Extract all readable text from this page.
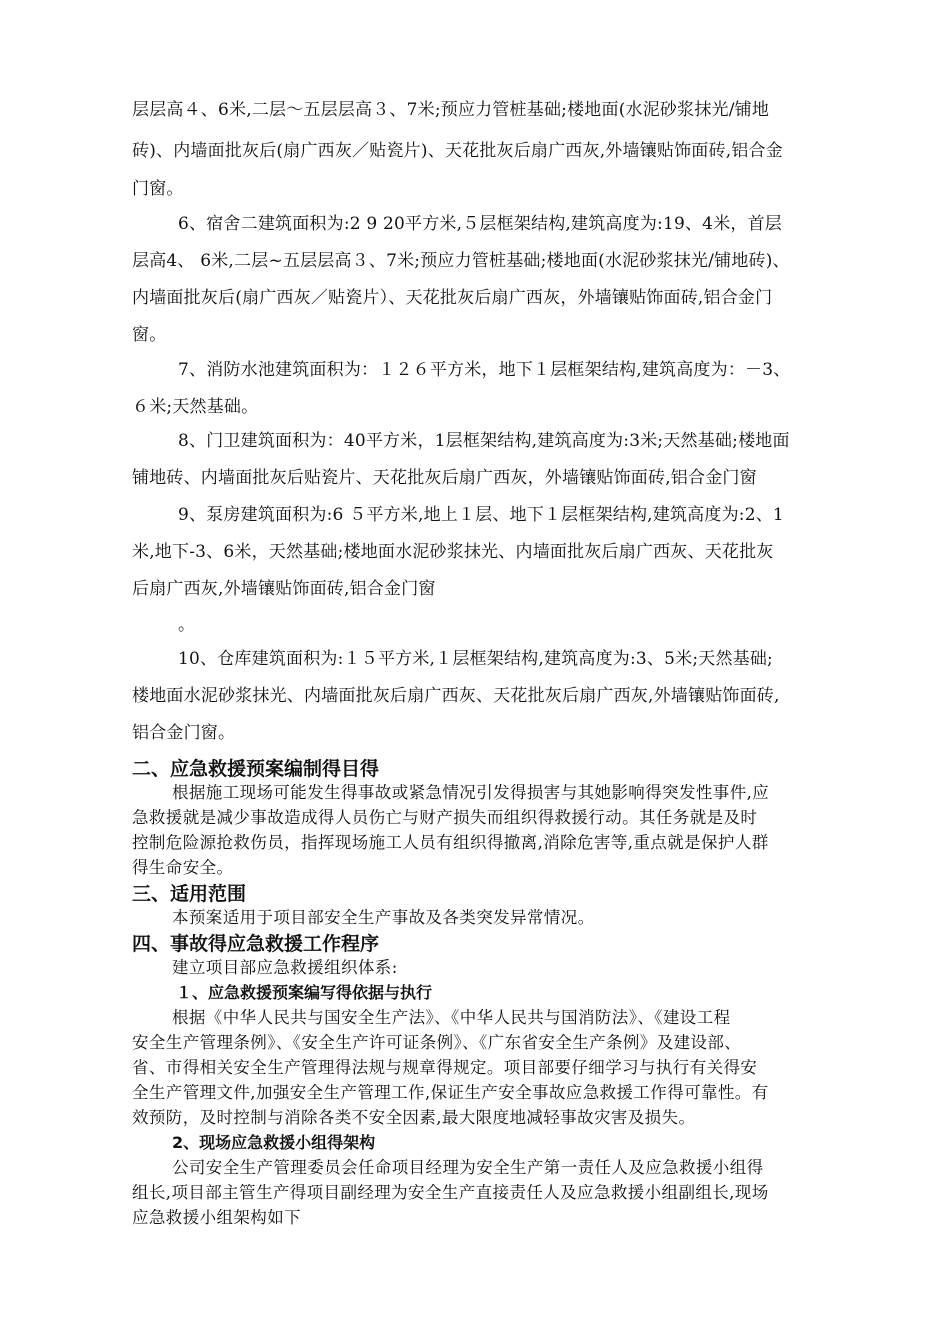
层层高４、6米,二层～五层层高３、7米;预应力管桩基础;楼地面(水泥砂浆抹光/铺地
砖)、内墙面批灰后(扇广西灰／贴瓷片)、天花批灰后扇广西灰,外墙镶贴饰面砖,铝合金
门窗。
6、宿舍二建筑面积为:2 9 20平方米,５层框架结构,建筑高度为:19、4米，首层
层高4、 6米,二层~五层层高３、7米;预应力管桩基础;楼地面(水泥砂浆抹光/铺地砖)、
内墙面批灰后(扇广西灰／贴瓷片）、天花批灰后扇广西灰，外墙镶贴饰面砖,铝合金门
窗。
7、消防水池建筑面积为：１２６平方米，地下１层框架结构,建筑高度为：－3、
６米;天然基础。
8、门卫建筑面积为：40平方米，1层框架结构,建筑高度为:3米;天然基础;楼地面
铺地砖、内墙面批灰后贴瓷片、天花批灰后扇广西灰，外墙镶贴饰面砖,铝合金门窗
9、泵房建筑面积为:6 ５平方米,地上１层、地下１层框架结构,建筑高度为:2、1
米,地下-3、6米，天然基础;楼地面水泥砂浆抹光、内墙面批灰后扇广西灰、天花批灰
后扇广西灰,外墙镶贴饰面砖,铝合金门窗
。
10、仓库建筑面积为:１５平方米,１层框架结构,建筑高度为:3、5米;天然基础;
楼地面水泥砂浆抹光、内墙面批灰后扇广西灰、天花批灰后扇广西灰,外墙镶贴饰面砖,
铝合金门窗。
二、应急救援预案编制得目得
根据施工现场可能发生得事故或紧急情况引发得损害与其她影响得突发性事件,应
急救援就是减少事故造成得人员伤亡与财产损失而组织得救援行动。其任务就是及时
控制危险源抢救伤员，指挥现场施工人员有组织得撤离,消除危害等,重点就是保护人群
得生命安全。
三、适用范围
本预案适用于项目部安全生产事故及各类突发异常情况。
四、事故得应急救援工作程序
建立项目部应急救援组织体系:
１、应急救援预案编写得依据与执行
根据《中华人民共与国安全生产法》、《中华人民共与国消防法》、《建设工程
安全生产管理条例》、《安全生产许可证条例》、《广东省安全生产条例》及建设部、
省、市得相关安全生产管理得法规与规章得规定。项目部要仔细学习与执行有关得安
全生产管理文件,加强安全生产管理工作,保证生产安全事故应急救援工作得可靠性。有
效预防，及时控制与消除各类不安全因素,最大限度地减轻事故灾害及损失。
2、现场应急救援小组得架构
公司安全生产管理委员会任命项目经理为安全生产第一责任人及应急救援小组得
组长,项目部主管生产得项目副经理为安全生产直接责任人及应急救援小组副组长,现场
应急救援小组架构如下
